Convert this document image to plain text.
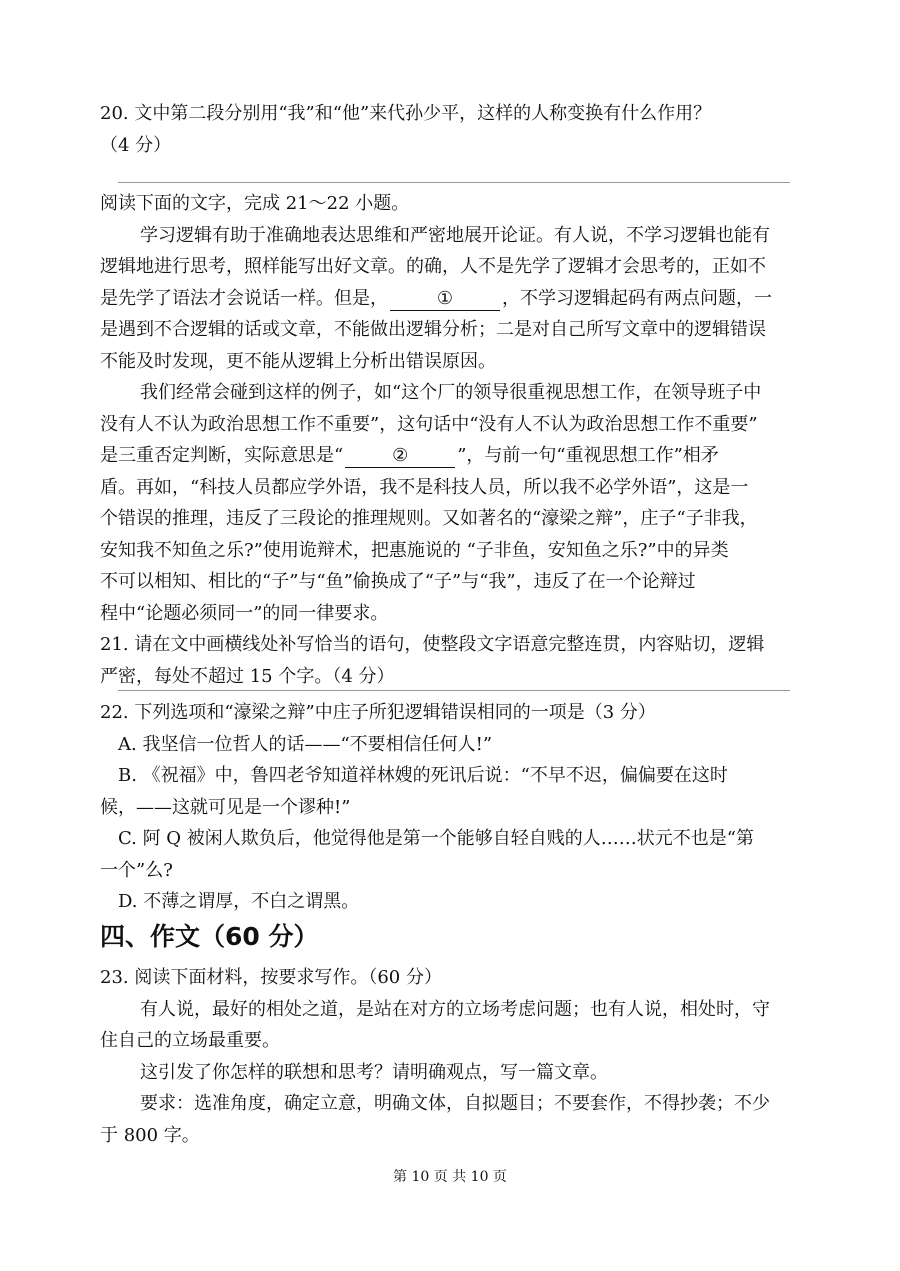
20. 文中第二段分别用“我”和“他”来代孙少平，这样的人称变换有什么作用？
（4 分）
阅读下面的文字，完成 21～22 小题。
学习逻辑有助于准确地表达思维和严密地展开论证。有人说，不学习逻辑也能有
逻辑地进行思考，照样能写出好文章。的确，人不是先学了逻辑才会思考的，正如不
是先学了语法才会说话一样。但是，	①	，不学习逻辑起码有两点问题，一
是遇到不合逻辑的话或文章，不能做出逻辑分析；二是对自己所写文章中的逻辑错误
不能及时发现，更不能从逻辑上分析出错误原因。
我们经常会碰到这样的例子，如“这个厂的领导很重视思想工作，在领导班子中
没有人不认为政治思想工作不重要”，这句话中“没有人不认为政治思想工作不重要”
是三重否定判断，实际意思是“	②	”，与前一句“重视思想工作”相矛
盾。再如，“科技人员都应学外语，我不是科技人员，所以我不必学外语”，这是一
个错误的推理，违反了三段论的推理规则。又如著名的“濠梁之辩”，庄子“子非我，
安知我不知鱼之乐?”使用诡辩术，把惠施说的 “子非鱼，安知鱼之乐?”中的异类
不可以相知、相比的“子”与“鱼”偷换成了“子”与“我”，违反了在一个论辩过
程中“论题必须同一”的同一律要求。
21. 请在文中画横线处补写恰当的语句，使整段文字语意完整连贯，内容贴切，逻辑
严密，每处不超过 15 个字。（4 分）
22. 下列选项和“濠梁之辩”中庄子所犯逻辑错误相同的一项是（3 分）
A. 我坚信一位哲人的话——“不要相信任何人!”
B. 《祝福》中，鲁四老爷知道祥林嫂的死讯后说：“不早不迟，偏偏要在这时
候，——这就可见是一个谬种!”
C. 阿 Q 被闲人欺负后，他觉得他是第一个能够自轻自贱的人……状元不也是“第
一个”么?
D. 不薄之谓厚，不白之谓黑。
四、作文（60 分）
23. 阅读下面材料，按要求写作。（60 分）
有人说，最好的相处之道，是站在对方的立场考虑问题；也有人说，相处时，守
住自己的立场最重要。
这引发了你怎样的联想和思考？请明确观点，写一篇文章。
要求：选准角度，确定立意，明确文体，自拟题目；不要套作，不得抄袭；不少
于 800 字。
第 10 页 共 10 页
